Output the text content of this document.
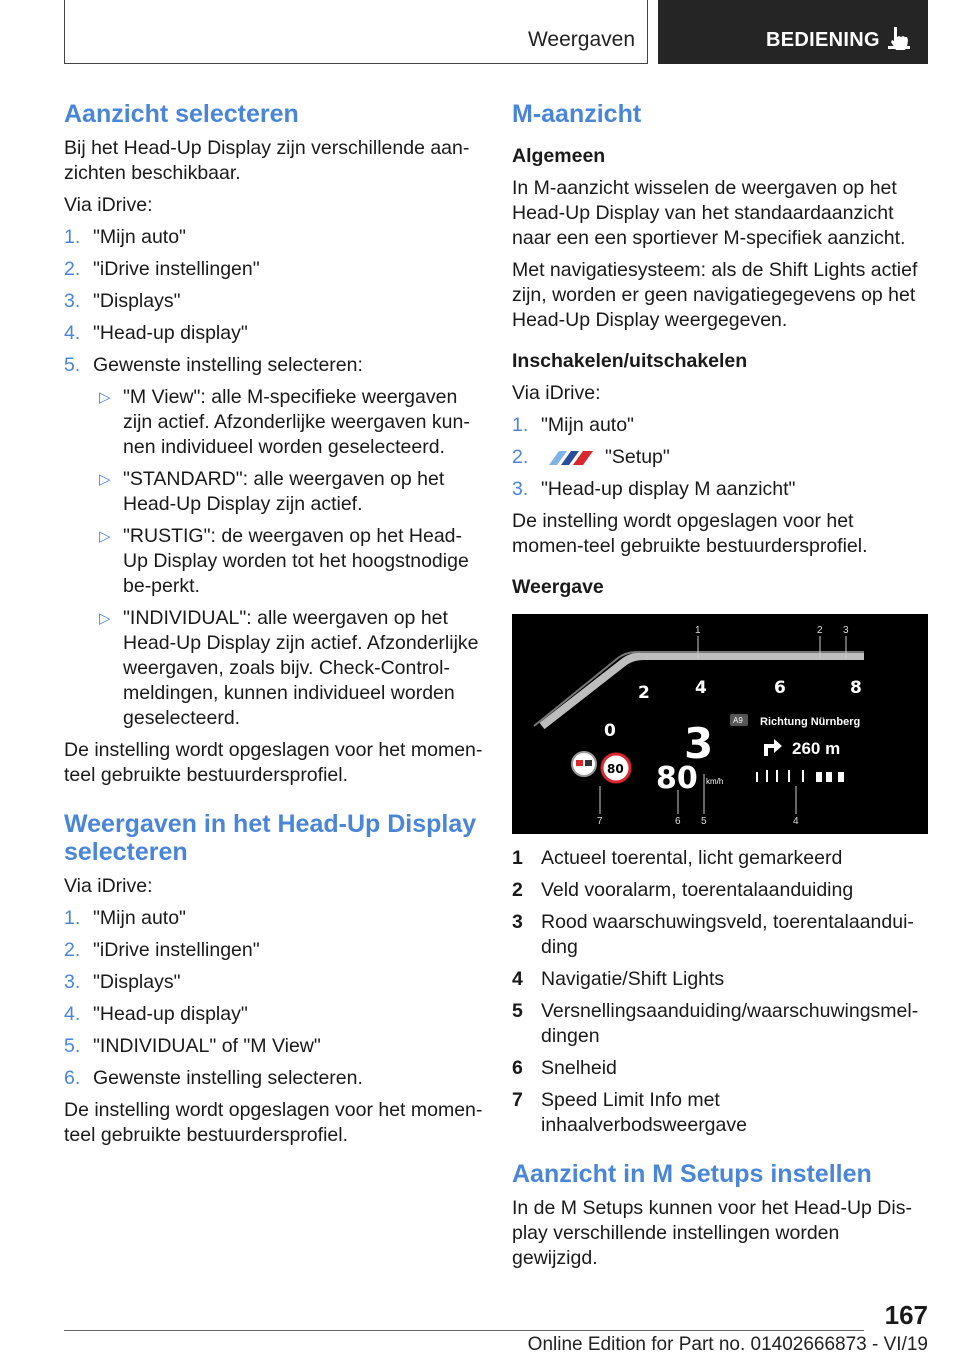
Weergaven	BEDIENING
Aanzicht selecteren

Bij het Head-Up Display zijn verschillende aan-zichten beschikbaar.

Via iDrive:

1. "Mijn auto"
2. "iDrive instellingen"
3. "Displays"
4. "Head-up display"
5. Gewenste instelling selecteren:
▷ "M View": alle M-specifieke weergaven zijn actief. Afzonderlijke weergaven kun-nen individueel worden geselecteerd.
▷ "STANDARD": alle weergaven op het Head-Up Display zijn actief.
▷ "RUSTIG": de weergaven op het Head-Up Display worden tot het hoogstnodige be-perkt.
▷ "INDIVIDUAL": alle weergaven op het Head-Up Display zijn actief. Afzonderlijke weergaven, zoals bijv. Check-Control-meldingen, kunnen individueel worden geselecteerd.

De instelling wordt opgeslagen voor het momen-teel gebruikte bestuurdersprofiel.

Weergaven in het Head-Up Display selecteren

Via iDrive:

1. "Mijn auto"
2. "iDrive instellingen"
3. "Displays"
4. "Head-up display"
5. "INDIVIDUAL" of "M View"
6. Gewenste instelling selecteren.

De instelling wordt opgeslagen voor het momen-teel gebruikte bestuurdersprofiel.

M-aanzicht
Algemeen

In M-aanzicht wisselen de weergaven op het Head-Up Display van het standaardaanzicht naar een een sportiever M-specifiek aanzicht.

Met navigatiesysteem: als de Shift Lights actief zijn, worden er geen navigatiegegevens op het Head-Up Display weergegeven.

Inschakelen/uitschakelen

Via iDrive:

1. "Mijn auto"
2.	"Setup"
3. "Head-up display M aanzicht"

De instelling wordt opgeslagen voor het momen-teel gebruikte bestuurdersprofiel.

Weergave
1	2 3
0
2	4	6	8
3
80 km/h
80
A9 Richtung Nürnberg
260 m
7	6 5	4
1 Actueel toerental, licht gemarkeerd
2 Veld vooralarm, toerentalaanduiding
3 Rood waarschuwingsveld, toerentalaandui-ding
4 Navigatie/Shift Lights
5 Versnellingsaanduiding/waarschuwingsmel-dingen
6 Snelheid
7 Speed Limit Info met inhaalverbodsweergave
Aanzicht in M Setups instellen

In de M Setups kunnen voor het Head-Up Dis-play verschillende instellingen worden gewijzigd.

167
Online Edition for Part no. 01402666873 - VI/19
